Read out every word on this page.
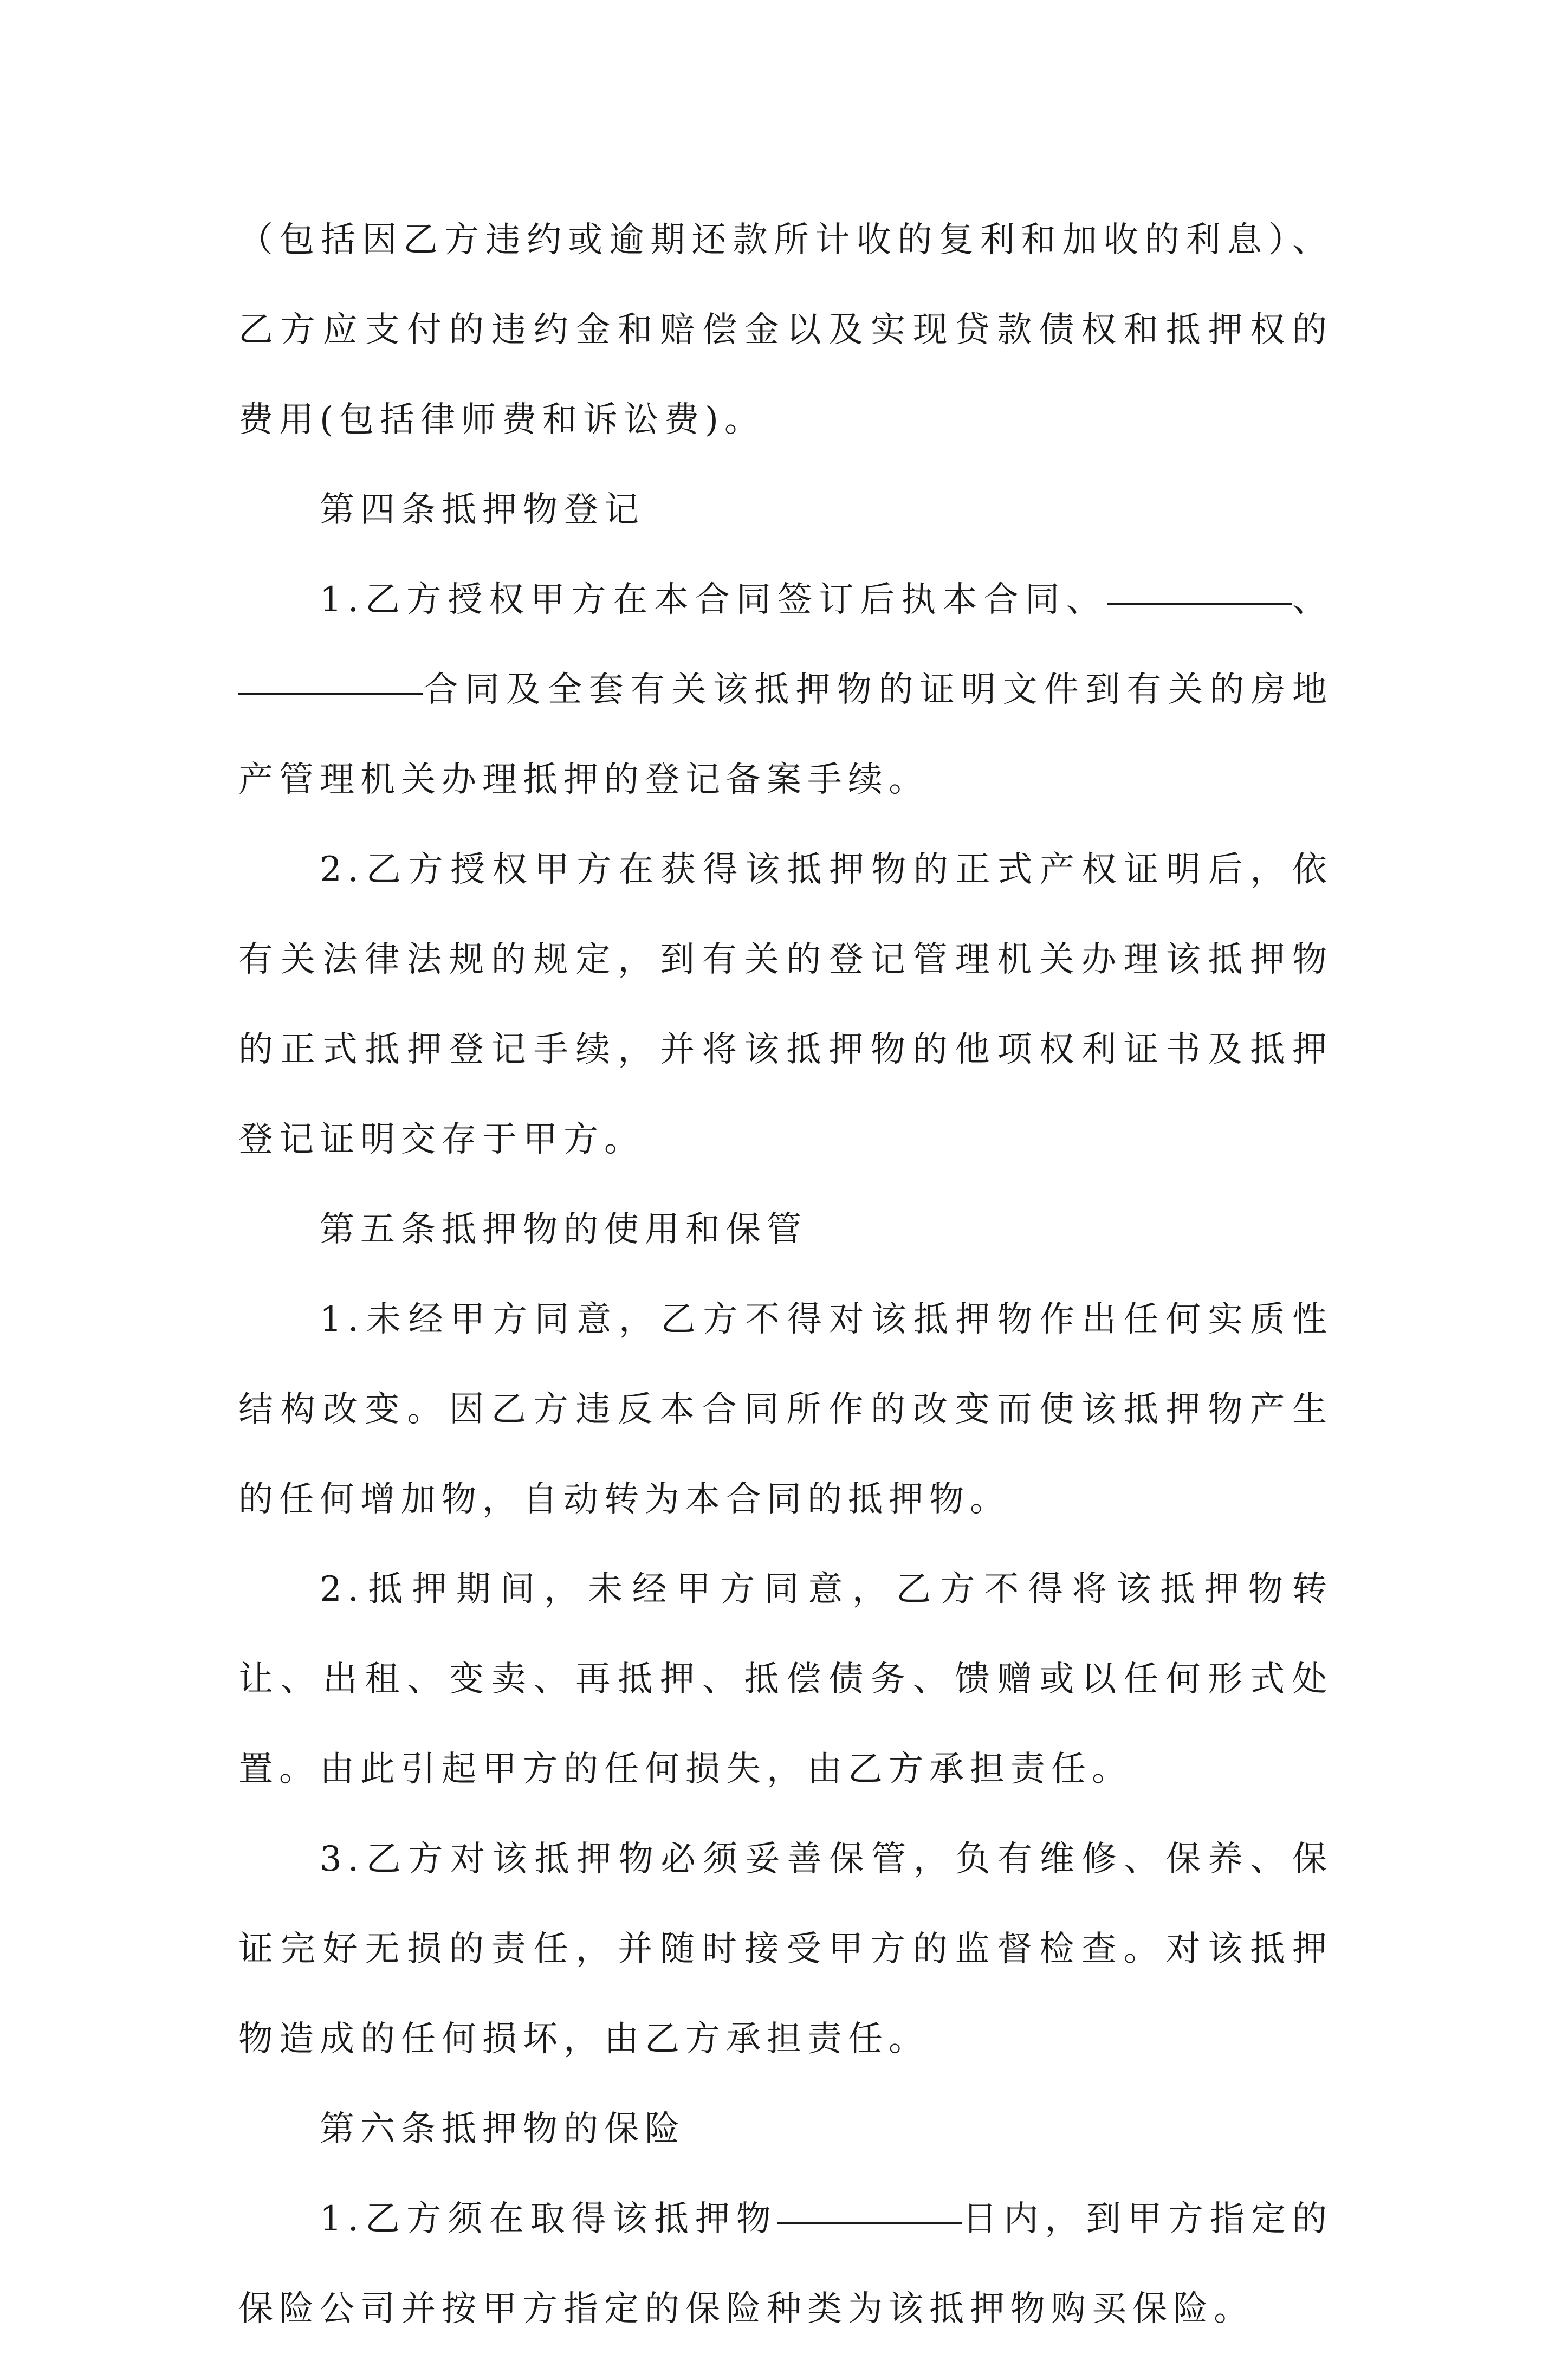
（包括因乙方违约或逾期还款所计收的复利和加收的利息）、乙方应支付的违约金和赔偿金以及实现贷款债权和抵押权的费用(包括律师费和诉讼费)。

第四条抵押物登记

1.乙方授权甲方在本合同签订后执本合同、	、合同及全套有关该抵押物的证明文件到有关的房地产管理机关办理抵押的登记备案手续。

2.乙方授权甲方在获得该抵押物的正式产权证明后，依有关法律法规的规定，到有关的登记管理机关办理该抵押物的正式抵押登记手续，并将该抵押物的他项权利证书及抵押登记证明交存于甲方。

第五条抵押物的使用和保管

1.未经甲方同意，乙方不得对该抵押物作出任何实质性结构改变。因乙方违反本合同所作的改变而使该抵押物产生的任何增加物，自动转为本合同的抵押物。

2.抵押期间，未经甲方同意，乙方不得将该抵押物转让、出租、变卖、再抵押、抵偿债务、馈赠或以任何形式处置。由此引起甲方的任何损失，由乙方承担责任。

3.乙方对该抵押物必须妥善保管，负有维修、保养、保证完好无损的责任，并随时接受甲方的监督检查。对该抵押物造成的任何损坏，由乙方承担责任。

第六条抵押物的保险

1.乙方须在取得该抵押物	日内，到甲方指定的保险公司并按甲方指定的保险种类为该抵押物购买保险。
